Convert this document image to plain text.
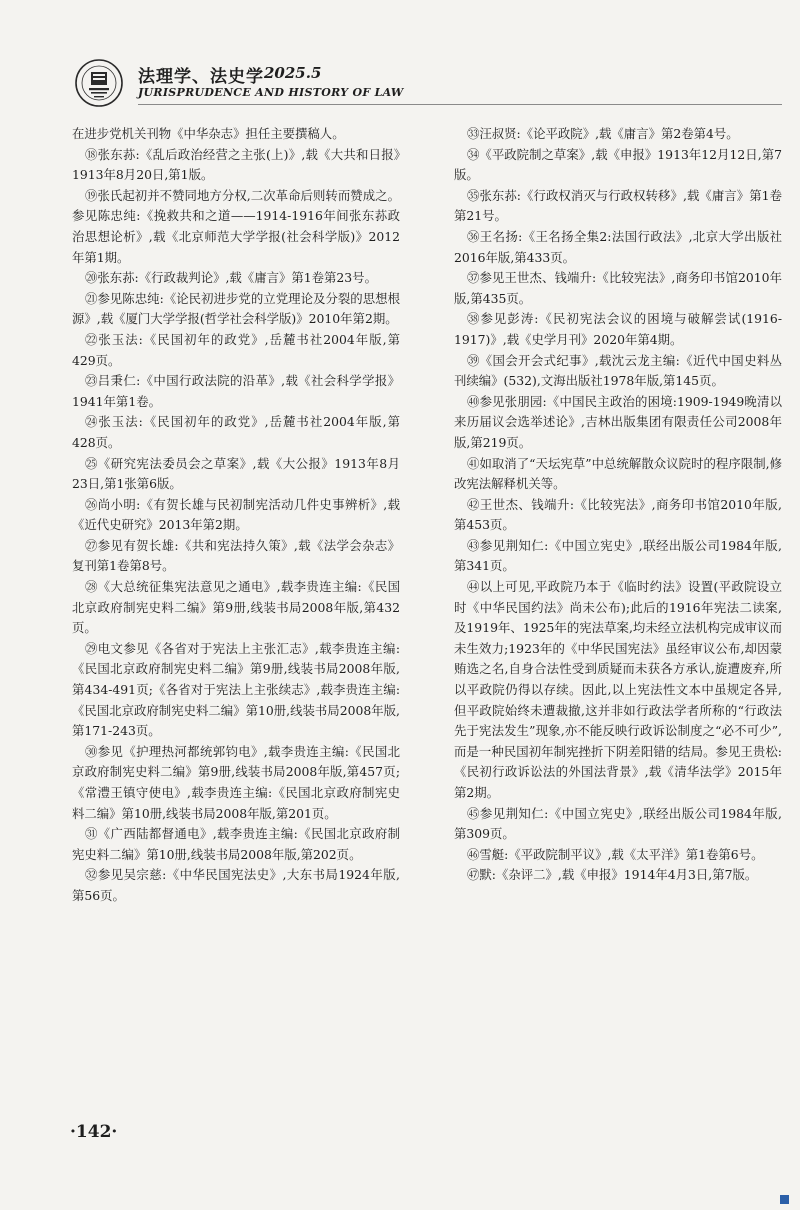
法理学、法史学 2025.5
JURISPRUDENCE AND HISTORY OF LAW
在进步党机关刊物《中华杂志》担任主要撰稿人。
⑱张东荪:《乱后政治经营之主张(上)》,载《大共和日报》1913年8月20日,第1版。
⑲张氏起初并不赞同地方分权,二次革命后则转而赞成之。参见陈忠纯:《挽救共和之道——1914-1916年间张东荪政治思想论析》,载《北京师范大学学报(社会科学版)》2012年第1期。
⑳张东荪:《行政裁判论》,载《庸言》第1卷第23号。
㉑参见陈忠纯:《论民初进步党的立党理论及分裂的思想根源》,载《厦门大学学报(哲学社会科学版)》2010年第2期。
㉒张玉法:《民国初年的政党》,岳麓书社2004年版,第429页。
㉓吕秉仁:《中国行政法院的沿革》,载《社会科学学报》1941年第1卷。
㉔张玉法:《民国初年的政党》,岳麓书社2004年版,第428页。
㉕《研究宪法委员会之草案》,载《大公报》1913年8月23日,第1张第6版。
㉖尚小明:《有贺长雄与民初制宪活动几件史事辨析》,载《近代史研究》2013年第2期。
㉗参见有贺长雄:《共和宪法持久策》,载《法学会杂志》复刊第1卷第8号。
㉘《大总统征集宪法意见之通电》,载李贵连主编:《民国北京政府制宪史料二编》第9册,线装书局2008年版,第432页。
㉙电文参见《各省对于宪法上主张汇志》,载李贵连主编:《民国北京政府制宪史料二编》第9册,线装书局2008年版,第434-491页;《各省对于宪法上主张续志》,载李贵连主编:《民国北京政府制宪史料二编》第10册,线装书局2008年版,第171-243页。
㉚参见《护理热河都统郭钧电》,载李贵连主编:《民国北京政府制宪史料二编》第9册,线装书局2008年版,第457页;《常澧王镇守使电》,载李贵连主编:《民国北京政府制宪史料二编》第10册,线装书局2008年版,第201页。
㉛《广西陆都督通电》,载李贵连主编:《民国北京政府制宪史料二编》第10册,线装书局2008年版,第202页。
㉜参见吴宗慈:《中华民国宪法史》,大东书局1924年版,第56页。
㉝汪叔贤:《论平政院》,载《庸言》第2卷第4号。
㉞《平政院制之草案》,载《申报》1913年12月12日,第7版。
㉟张东荪:《行政权消灭与行政权转移》,载《庸言》第1卷第21号。
㊱王名扬:《王名扬全集2:法国行政法》,北京大学出版社2016年版,第433页。
㊲参见王世杰、钱端升:《比较宪法》,商务印书馆2010年版,第435页。
㊳参见彭涛:《民初宪法会议的困境与破解尝试(1916-1917)》,载《史学月刊》2020年第4期。
㊴《国会开会式纪事》,载沈云龙主编:《近代中国史料丛刊续编》(532),文海出版社1978年版,第145页。
㊵参见张朋园:《中国民主政治的困境:1909-1949晚清以来历届议会选举述论》,吉林出版集团有限责任公司2008年版,第219页。
㊶如取消了“天坛宪草”中总统解散众议院时的程序限制,修改宪法解释机关等。
㊷王世杰、钱端升:《比较宪法》,商务印书馆2010年版,第453页。
㊸参见荆知仁:《中国立宪史》,联经出版公司1984年版,第341页。
㊹以上可见,平政院乃本于《临时约法》设置(平政院设立时《中华民国约法》尚未公布);此后的1916年宪法二读案,及1919年、1925年的宪法草案,均未经立法机构完成审议而未生效力;1923年的《中华民国宪法》虽经审议公布,却因蒙贿选之名,自身合法性受到质疑而未获各方承认,旋遭废弃,所以平政院仍得以存续。因此,以上宪法性文本中虽规定各异,但平政院始终未遭裁撤,这并非如行政法学者所称的“行政法先于宪法发生”现象,亦不能反映行政诉讼制度之“必不可少”,而是一种民国初年制宪挫折下阴差阳错的结局。参见王贵松:《民初行政诉讼法的外国法背景》,载《清华法学》2015年第2期。
㊺参见荆知仁:《中国立宪史》,联经出版公司1984年版,第309页。
㊻雪艇:《平政院制平议》,载《太平洋》第1卷第6号。
㊼默:《杂评二》,载《申报》1914年4月3日,第7版。
·142·
